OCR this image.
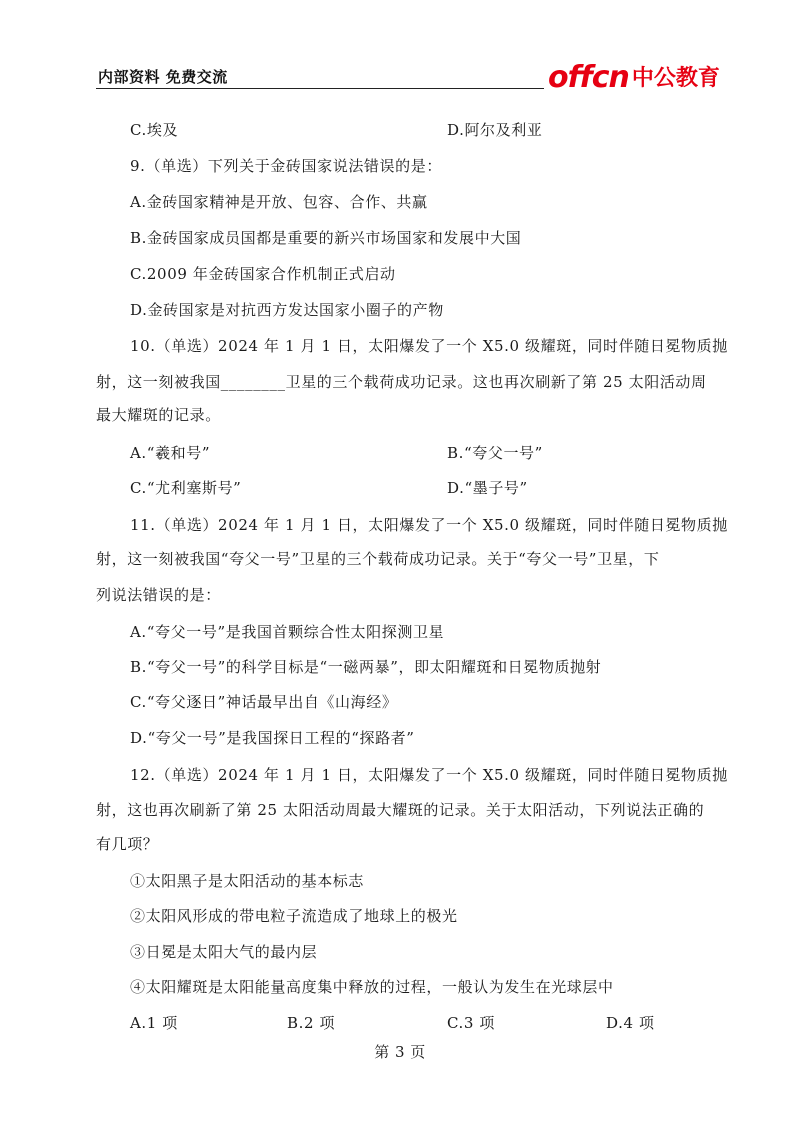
内部资料 免费交流	offcn 中公教育
C.埃及	D.阿尔及利亚
9.（单选）下列关于金砖国家说法错误的是：
A.金砖国家精神是开放、包容、合作、共赢
B.金砖国家成员国都是重要的新兴市场国家和发展中大国
C.2009 年金砖国家合作机制正式启动
D.金砖国家是对抗西方发达国家小圈子的产物
10.（单选）2024 年 1 月 1 日，太阳爆发了一个 X5.0 级耀斑，同时伴随日冕物质抛
射，这一刻被我国________卫星的三个载荷成功记录。这也再次刷新了第 25 太阳活动周
最大耀斑的记录。
A.“羲和号”	B.“夸父一号”
C.“尤利塞斯号”	D.“墨子号”
11.（单选）2024 年 1 月 1 日，太阳爆发了一个 X5.0 级耀斑，同时伴随日冕物质抛
射，这一刻被我国“夸父一号”卫星的三个载荷成功记录。关于“夸父一号”卫星，下
列说法错误的是：
A.“夸父一号”是我国首颗综合性太阳探测卫星
B.“夸父一号”的科学目标是“一磁两暴”，即太阳耀斑和日冕物质抛射
C.“夸父逐日”神话最早出自《山海经》
D.“夸父一号”是我国探日工程的“探路者”
12.（单选）2024 年 1 月 1 日，太阳爆发了一个 X5.0 级耀斑，同时伴随日冕物质抛
射，这也再次刷新了第 25 太阳活动周最大耀斑的记录。关于太阳活动，下列说法正确的
有几项？
①太阳黑子是太阳活动的基本标志
②太阳风形成的带电粒子流造成了地球上的极光
③日冕是太阳大气的最内层
④太阳耀斑是太阳能量高度集中释放的过程，一般认为发生在光球层中
A.1 项	B.2 项	C.3 项	D.4 项
第 3 页
